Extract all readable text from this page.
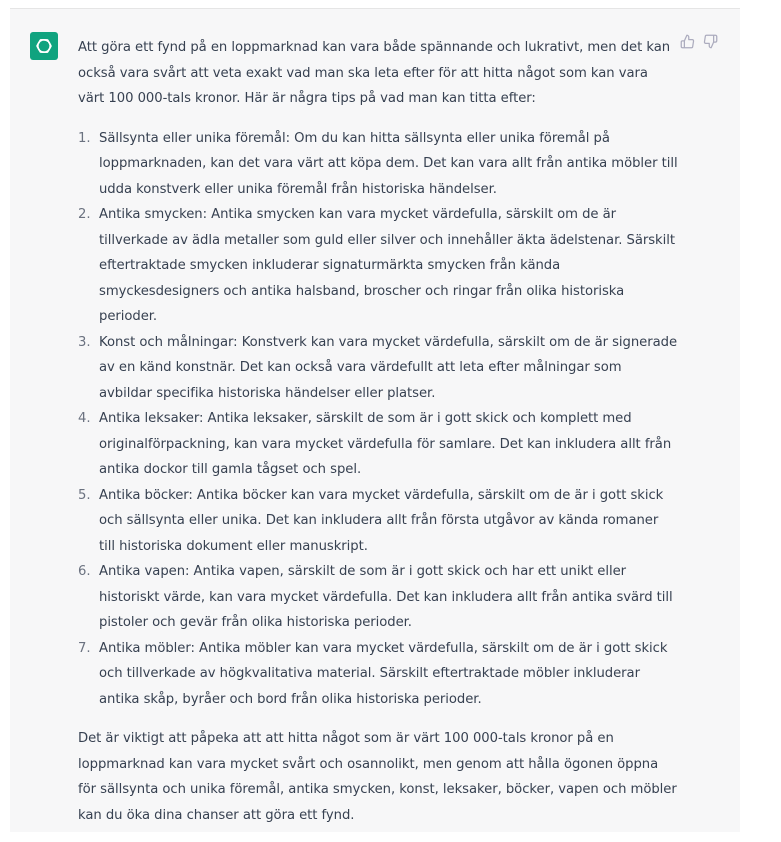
Att göra ett fynd på en loppmarknad kan vara både spännande och lukrativt, men det kan också vara svårt att veta exakt vad man ska leta efter för att hitta något som kan vara värt 100 000-tals kronor. Här är några tips på vad man kan titta efter:

1. Sällsynta eller unika föremål: Om du kan hitta sällsynta eller unika föremål på loppmarknaden, kan det vara värt att köpa dem. Det kan vara allt från antika möbler till udda konstverk eller unika föremål från historiska händelser.
2. Antika smycken: Antika smycken kan vara mycket värdefulla, särskilt om de är tillverkade av ädla metaller som guld eller silver och innehåller äkta ädelstenar. Särskilt eftertraktade smycken inkluderar signaturmärkta smycken från kända smyckesdesigners och antika halsband, broscher och ringar från olika historiska perioder.
3. Konst och målningar: Konstverk kan vara mycket värdefulla, särskilt om de är signerade av en känd konstnär. Det kan också vara värdefullt att leta efter målningar som avbildar specifika historiska händelser eller platser.
4. Antika leksaker: Antika leksaker, särskilt de som är i gott skick och komplett med originalförpackning, kan vara mycket värdefulla för samlare. Det kan inkludera allt från antika dockor till gamla tågset och spel.
5. Antika böcker: Antika böcker kan vara mycket värdefulla, särskilt om de är i gott skick och sällsynta eller unika. Det kan inkludera allt från första utgåvor av kända romaner till historiska dokument eller manuskript.
6. Antika vapen: Antika vapen, särskilt de som är i gott skick och har ett unikt eller historiskt värde, kan vara mycket värdefulla. Det kan inkludera allt från antika svärd till pistoler och gevär från olika historiska perioder.
7. Antika möbler: Antika möbler kan vara mycket värdefulla, särskilt om de är i gott skick och tillverkade av högkvalitativa material. Särskilt eftertraktade möbler inkluderar antika skåp, byråer och bord från olika historiska perioder.

Det är viktigt att påpeka att att hitta något som är värt 100 000-tals kronor på en loppmarknad kan vara mycket svårt och osannolikt, men genom att hålla ögonen öppna för sällsynta och unika föremål, antika smycken, konst, leksaker, böcker, vapen och möbler kan du öka dina chanser att göra ett fynd.
